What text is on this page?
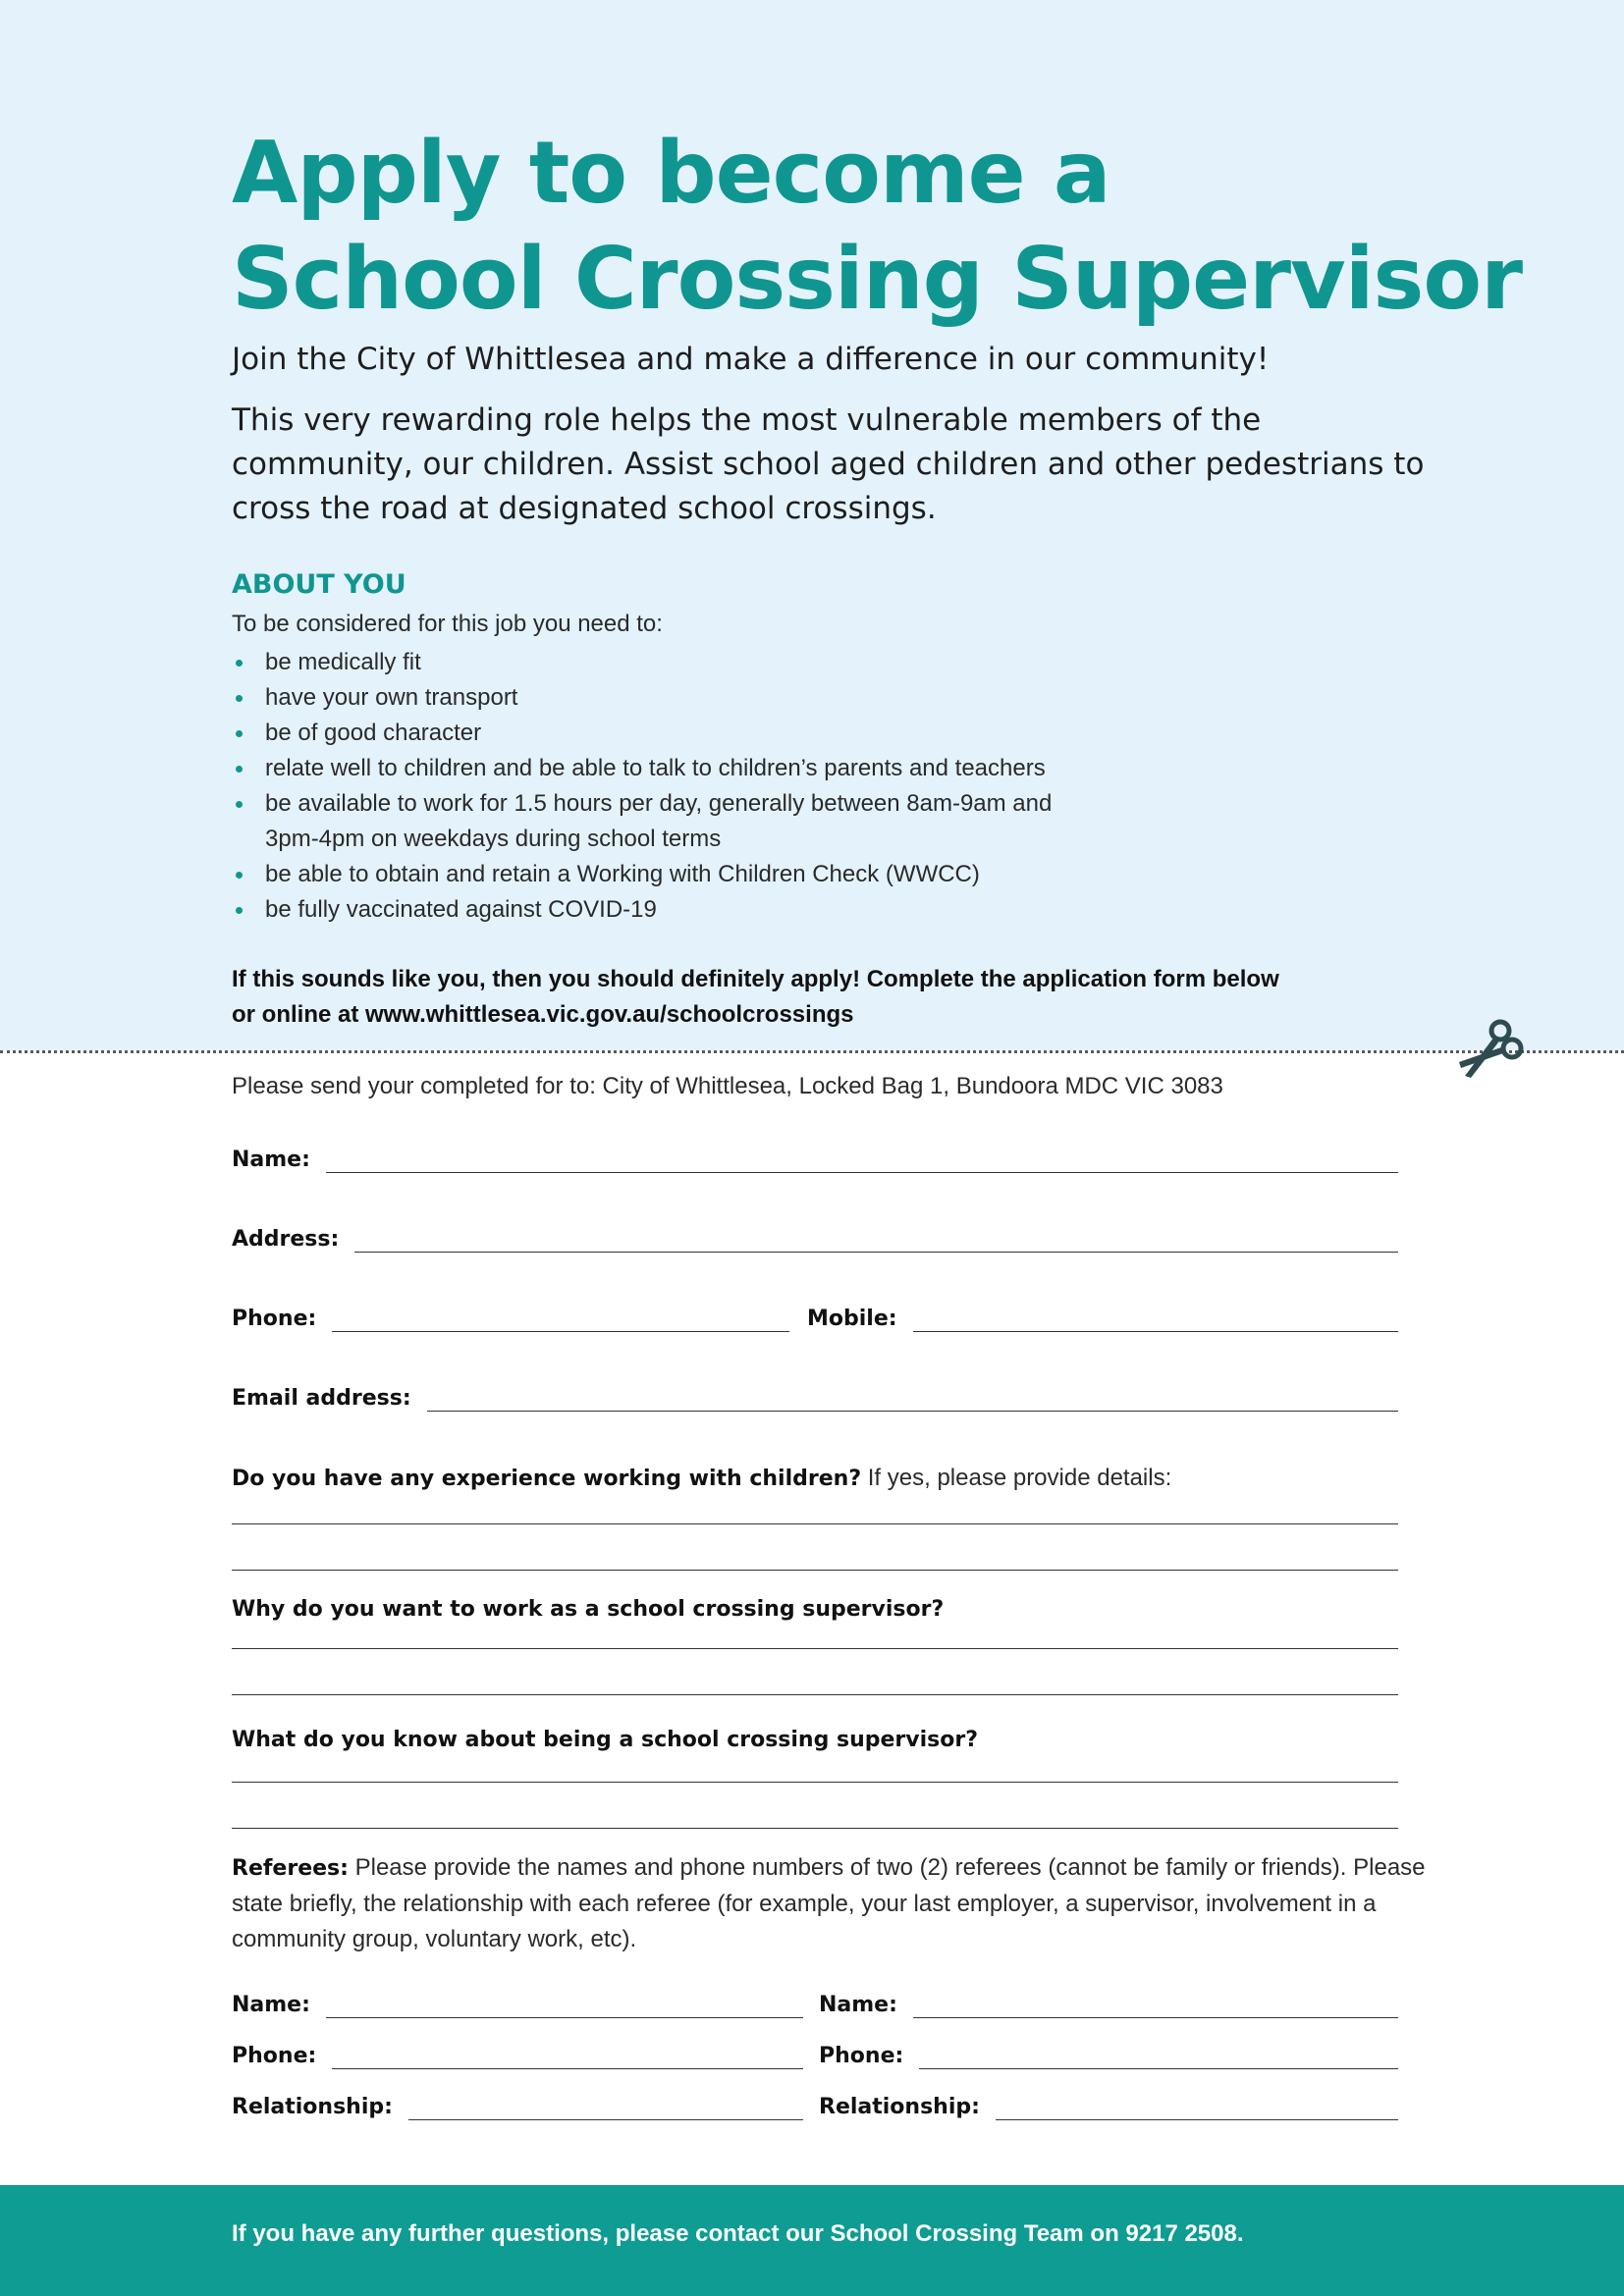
Apply to become a
School Crossing Supervisor

Join the City of Whittlesea and make a difference in our community!

This very rewarding role helps the most vulnerable members of the community, our children. Assist school aged children and other pedestrians to cross the road at designated school crossings.

ABOUT YOU

To be considered for this job you need to:

be medically fit
have your own transport
be of good character
relate well to children and be able to talk to children’s parents and teachers
be available to work for 1.5 hours per day, generally between 8am-9am and
3pm-4pm on weekdays during school terms
be able to obtain and retain a Working with Children Check (WWCC)
be fully vaccinated against COVID-19

If this sounds like you, then you should definitely apply! Complete the application form below
or online at www.whittlesea.vic.gov.au/schoolcrossings

Please send your completed for to: City of Whittlesea, Locked Bag 1, Bundoora MDC VIC 3083

Name:
Address:
Phone:	Mobile:
Email address:

Do you have any experience working with children? If yes, please provide details:

Why do you want to work as a school crossing supervisor?

What do you know about being a school crossing supervisor?

Referees: Please provide the names and phone numbers of two (2) referees (cannot be family or friends). Please state briefly, the relationship with each referee (for example, your last employer, a supervisor, involvement in a community group, voluntary work, etc).

Name:	Name:
Phone:	Phone:
Relationship:	Relationship:

If you have any further questions, please contact our School Crossing Team on 9217 2508.
